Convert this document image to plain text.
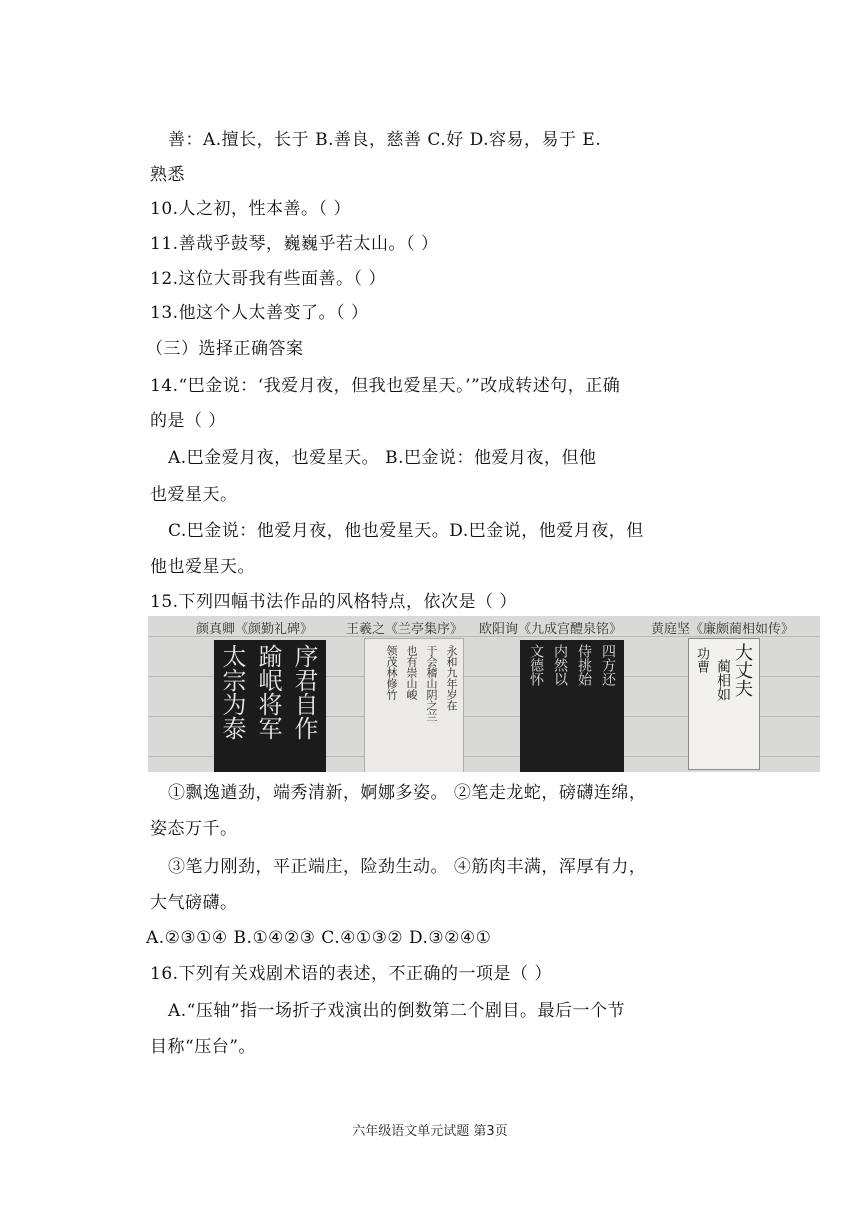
善：A.擅长，长于 B.善良，慈善 C.好 D.容易，易于 E.
熟悉
10.人之初，性本善。（ ）
11.善哉乎鼓琴，巍巍乎若太山。（ ）
12.这位大哥我有些面善。（ ）
13.他这个人太善变了。（ ）
（三）选择正确答案
14.“巴金说：‘我爱月夜，但我也爱星天。’”改成转述句，正确
的是（ ）
A.巴金爱月夜，也爱星天。 B.巴金说：他爱月夜，但他
也爱星天。
C.巴金说：他爱月夜，他也爱星天。D.巴金说，他爱月夜，但
他也爱星天。
15.下列四幅书法作品的风格特点，依次是（ ）
颜真卿《颜勤礼碑》	王羲之《兰亭集序》 欧阳询《九成宫醴泉铭》 黄庭坚《廉颇蔺相如传》
序君自作
踰岷将军
太宗为泰	永和九年岁在
于会稽山阴之兰
也有崇山峻
领茂林修竹	四方还
侍挑始
内然以
文德怀	大丈夫
蔺相如
功曹
①飘逸遒劲，端秀清新，婀娜多姿。 ②笔走龙蛇，磅礴连绵，
姿态万千。
③笔力刚劲，平正端庄，险劲生动。 ④筋肉丰满，浑厚有力，
大气磅礴。
A.②③①④ B.①④②③ C.④①③② D.③②④①
16.下列有关戏剧术语的表述，不正确的一项是（ ）
A.“压轴”指一场折子戏演出的倒数第二个剧目。最后一个节
目称“压台”。
六年级语文单元试题 第3页
